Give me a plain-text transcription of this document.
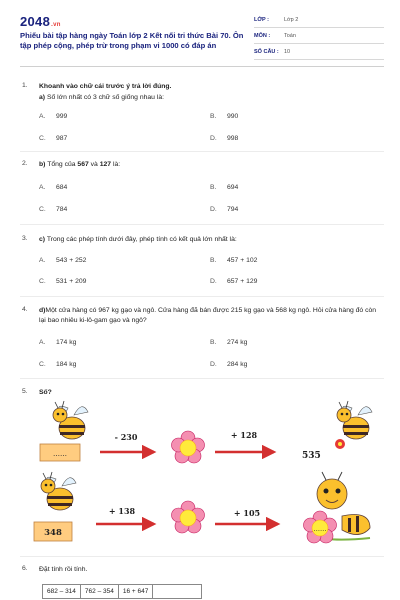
2048.vn
Phiếu bài tập hàng ngày Toán lớp 2 Kết nối tri thức Bài 70. Ôn tập phép cộng, phép trừ trong phạm vi 1000 có đáp án
LỚP :	Lớp 2
MÔN :	Toán
SỐ CÂU : 10
1. Khoanh vào chữ cái trước ý trả lời đúng.
a) Số lớn nhất có 3 chữ số giống nhau là:
A. 999	B. 990
C. 987	D. 998
2. b) Tổng của 567 và 127 là:
A. 684	B. 694
C. 784	D. 794
3. c) Trong các phép tính dưới đây, phép tính có kết quả lớn nhất là:
A. 543 + 252	B. 457 + 102
C. 531 + 209	D. 657 + 129
4. d)Một cửa hàng có 967 kg gạo và ngô. Cửa hàng đã bán được 215 kg gạo và 568 kg ngô. Hỏi cửa hàng đó còn lại bao nhiêu ki-lô-gam gạo và ngô?
A. 174 kg	B. 274 kg
C. 184 kg	D. 284 kg
5. Số?
……
- 230	+ 128
535
348
+ 138	+ 105
……
6. Đặt tính rồi tính.
682 – 314	762 – 354	16 + 647	
